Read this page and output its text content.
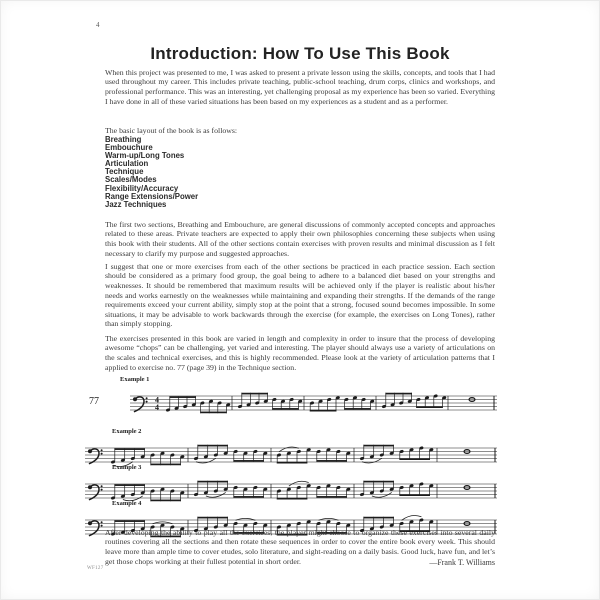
4
Introduction: How To Use This Book

When this project was presented to me, I was asked to present a private lesson using the skills, concepts, and tools that I had used throughout my career. This includes private teaching, public-school teaching, drum corps, clinics and workshops, and professional performance. This was an interesting, yet challenging proposal as my experience has been so varied. Everything I have done in all of these varied situations has been based on my experiences as a student and as a performer.

The basic layout of the book is as follows:

Breathing
Embouchure
Warm-up/Long Tones
Articulation
Technique
Scales/Modes
Flexibility/Accuracy
Range Extensions/Power
Jazz Techniques

The first two sections, Breathing and Embouchure, are general discussions of commonly accepted concepts and approaches related to these areas. Private teachers are expected to apply their own philosophies concerning these subjects when using this book with their students. All of the other sections contain exercises with proven results and minimal discussion as I felt necessary to clarify my purpose and suggested approaches.

I suggest that one or more exercises from each of the other sections be practiced in each practice session. Each section should be considered as a primary food group, the goal being to adhere to a balanced diet based on your strengths and weaknesses. It should be remembered that maximum results will be achieved only if the player is realistic about his/her needs and works earnestly on the weaknesses while maintaining and expanding their strengths. If the demands of the range requirements exceed your current ability, simply stop at the point that a strong, focused sound becomes impossible. In some situations, it may be advisable to work backwards through the exercise (for example, the exercises on Long Tones), rather than simply stopping.

The exercises presented in this book are varied in length and complexity in order to insure that the process of developing awesome “chops” can be challenging, yet varied and interesting. The player should always use a variety of articulations on the scales and technical exercises, and this is highly recommended. Please look at the variety of articulation patterns that I applied to exercise no. 77 (page 39) in the Technique section.

Example 1
77	4
4
Example 2
Example 3
Example 4

After developing the ability to play all the exercises, the player might choose to organize these exercises into several daily routines covering all the sections and then rotate these sequences in order to cover the entire book every week. This should leave more than ample time to cover etudes, solo literature, and sight-reading on a daily basis. Good luck, have fun, and let’s get those chops working at their fullest potential in short order.	—Frank T. Williams
WF127
